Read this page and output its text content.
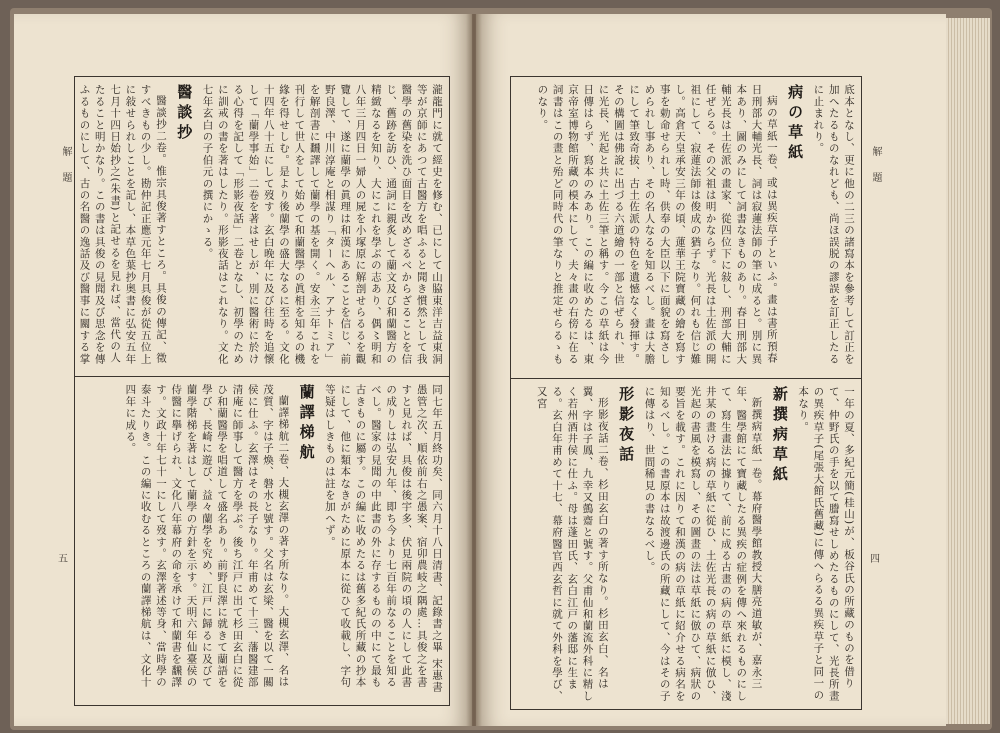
解　題
五

瀧龍門に就て經史を修む、已にして山脇東洋吉益東洞等が京師にあつて古醫方を唱ふると聞き慣然として我醫學の舊染を洗ひ面目を改めざるべからざることを信じ、舊跡を訪ひ、通詞に親炙して蘭文及び和蘭醫方の精緻なるを知り、大にこれを學ぶの志あり、偶〻明和八年三月四日一婦人の屍を小塚原に解剖せらるるを觀覽して、遂に蘭學の眞理は和漢にあることを信じ、前野良澤、中川淳庵と相謀り「ターヘル、アナトミア」を解剖書に飜譯して蘭學の基を開く。安永三年これを刊行して世人をして始めて和蘭醫學の眞相を知るの機緣を得せしむ。是より後蘭學の盛大なるに至る。文化十四年八十五にして歿す。玄白晚年に及び往時を追懷して「蘭學事始」二卷を著はせしが、別に醫術に於ける心得を記して「形影夜話」二卷となし、初學のために訓戒の書を著はしたり。形影夜話はこれなり。文化七年玄白の子伯元の撰にかゝる。

醫談抄

醫談抄二卷。惟宗具俊著すところ。具俊の傳記、徵すべきもの少し。勘仲記正應元年七月具俊が從五位上に敍せられしことを記し、本草色葉抄奥書に弘安五年七月十四日始抄之(朱書)と記せるを見れば、當代の人たること明かなり。この書は具俊の見聞及び思念を傳ふるものにして、古の名醫の逸話及び醫事に關する掌

同七年五月終功矣、同六月十八日清書、記錄書之畢 宋惠書 愚管之次、順依前右之愚案、宿卯農岐之隅處…具俊之を書すと見れば、具俊は後宇多、伏見兩院の頃の人にして此書の成りしは弘安九年、即ち今より七百年前なることを知るべし。醫家の見聞の中此書の外に存するものの中にて最も古きものに屬す。この編に收めたるは舊多紀氏所藏の抄本にして、他に類本なきがために原本に從ひて收載し、字句等疑はしきものは註を加へず。

蘭譯梯航

蘭譯梯航二卷、大槻玄澤の著す所なり。大槻玄澤、名は茂質、字は子煥、磐水と號す。父名は玄梁、醫を以て一關侯に仕ふ。玄澤はその長子なり。年甫めて十三、藩醫建部清庵に師事して醫方を學ぶ。後ち江戸に出て杉田玄白に從ひ和蘭醫學を唱道して盛名あり。前野良澤に就きて蘭語を學び、長崎に遊び、益々蘭學を究め、江戸に歸るに及びて蘭學階梯を著はして蘭學の方針を示す。天明六年仙臺侯の侍醫に擧げられ、文化八年幕府の命を承けて和蘭書を飜譯す。文政十年七十一にして歿す。玄澤著述等身、當時學の泰斗たりき。この編に收むるところの蘭譯梯航は、文化十四年に成る。

解　題
四

底本となし、更に他の二三の諸寫本を參考して訂正を加へたるものなれども、尚ほ誤脱の謬誤を訂正したるに止まれり。

病の草紙

病の草紙一卷、或は異疾草子といふ。畫は書所預春日刑部大輔光長、詞は寂蓮法師の筆に成ると。別に異本あり、圖のみにして詞書なきものあり。春日刑部大輔光長は土佐派の畫家、從四位下に敍し、刑部大輔に任ぜらる。その父祖は明かならず。光長は土佐派の開祖にして、寂蓮法師は俊成の猶子なり。何れも信じ難し。高倉天皇承安三年の頃、蓮華王院寶藏の繪を寫す事を勅命せられし時、供奉の大臣以下に面貌を寫さしめられし事あり、その名人なるを知るべし。畫は大膽にして筆致奇拔、古土佐派の特色を遺憾なく發揮す。その構圖は佛說に出づる六道繪の一部と信ぜられ、世に光長、光起と共に土佐三筆と稱す。今この草紙は今日傳はらず、寫本のみあり。この編に收めたるは、東京帝室博物館所藏の模本にして、夫々畫の右傍に在る詞書はこの畫と殆ど同時代の筆なりと推定せらるゝものなり。

一年の夏、多紀元簡(桂山)が、板谷氏の所藏のものを借りて、仲野氏の手を以て謄寫せしめたるものにして、光長所畫の異疾草子(尾張大館氏舊藏)に傳へらるる異疾草子と同一の本なり。

新撰病草紙

新撰病草紙一卷。幕府醫學館教授大膳亮道敏が、嘉永三年、醫學館にて寶藏したる異疾の症例を傳へ來れるものにして、寫生畫法に據りて、前に成る古畫の病の草紙に模し、淺井某の畫ける病の草紙に從ひ、土佐光長の病の草紙に倣ひ、光起の書風を模寫し、その圖畫の法は草紙に倣ひて、病狀の要旨を載す。これに因りて和漢の病の草紙に紹介せる病名を知るべし。この書原本は故渡邊氏の所藏にして、今はその子に傳はり、世間稀見の書なるべし。

形影夜話

形影夜話二卷、杉田玄白の著す所なり。杉田玄白、名は翼、字は子鳳、九幸又鷧齋と號す。父甫仙和蘭流外科に精しく若州酒井侯に仕ふ。母は蓬田氏、玄白江戸の藩邸に生まる。玄白年甫めて十七、幕府醫官西玄哲に就て外科を學び、又宮
